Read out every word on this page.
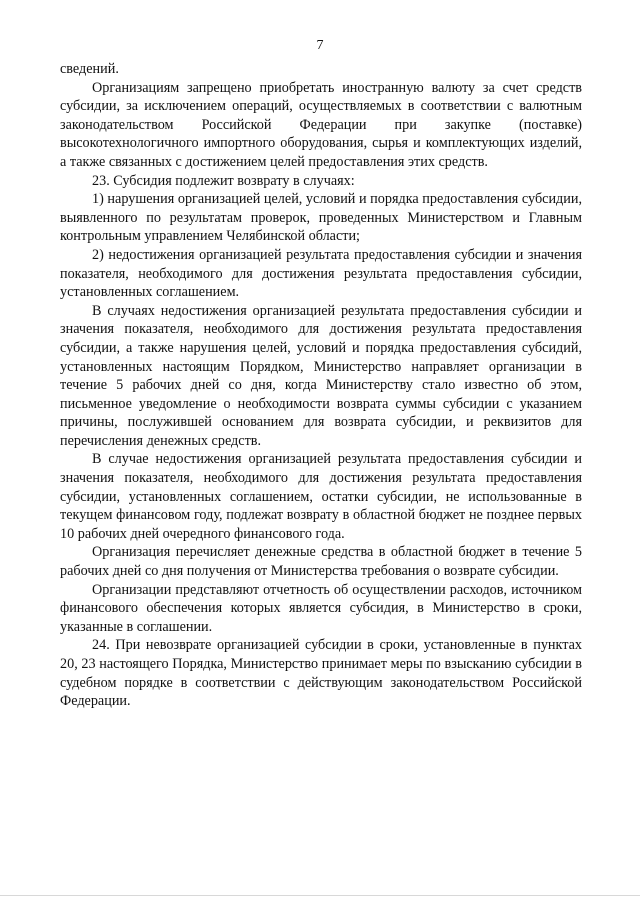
7

сведений.

Организациям запрещено приобретать иностранную валюту за счет средств субсидии, за исключением операций, осуществляемых в соответствии с валютным законодательством Российской Федерации при закупке (поставке) высокотехнологичного импортного оборудования, сырья и комплектующих изделий, а также связанных с достижением целей предоставления этих средств.

23. Субсидия подлежит возврату в случаях:

1) нарушения организацией целей, условий и порядка предоставления субсидии, выявленного по результатам проверок, проведенных Министерством и Главным контрольным управлением Челябинской области;

2) недостижения организацией результата предоставления субсидии и значения показателя, необходимого для достижения результата предоставления субсидии, установленных соглашением.

В случаях недостижения организацией результата предоставления субсидии и значения показателя, необходимого для достижения результата предоставления субсидии, а также нарушения целей, условий и порядка предоставления субсидий, установленных настоящим Порядком, Министерство направляет организации в течение 5 рабочих дней со дня, когда Министерству стало известно об этом, письменное уведомление о необходимости возврата суммы субсидии с указанием причины, послужившей основанием для возврата субсидии, и реквизитов для перечисления денежных средств.

В случае недостижения организацией результата предоставления субсидии и значения показателя, необходимого для достижения результата предоставления субсидии, установленных соглашением, остатки субсидии, не использованные в текущем финансовом году, подлежат возврату в областной бюджет не позднее первых 10 рабочих дней очередного финансового года.

Организация перечисляет денежные средства в областной бюджет в течение 5 рабочих дней со дня получения от Министерства требования о возврате субсидии.

Организации представляют отчетность об осуществлении расходов, источником финансового обеспечения которых является субсидия, в Министерство в сроки, указанные в соглашении.

24. При невозврате организацией субсидии в сроки, установленные в пунктах 20, 23 настоящего Порядка, Министерство принимает меры по взысканию субсидии в судебном порядке в соответствии с действующим законодательством Российской Федерации.
